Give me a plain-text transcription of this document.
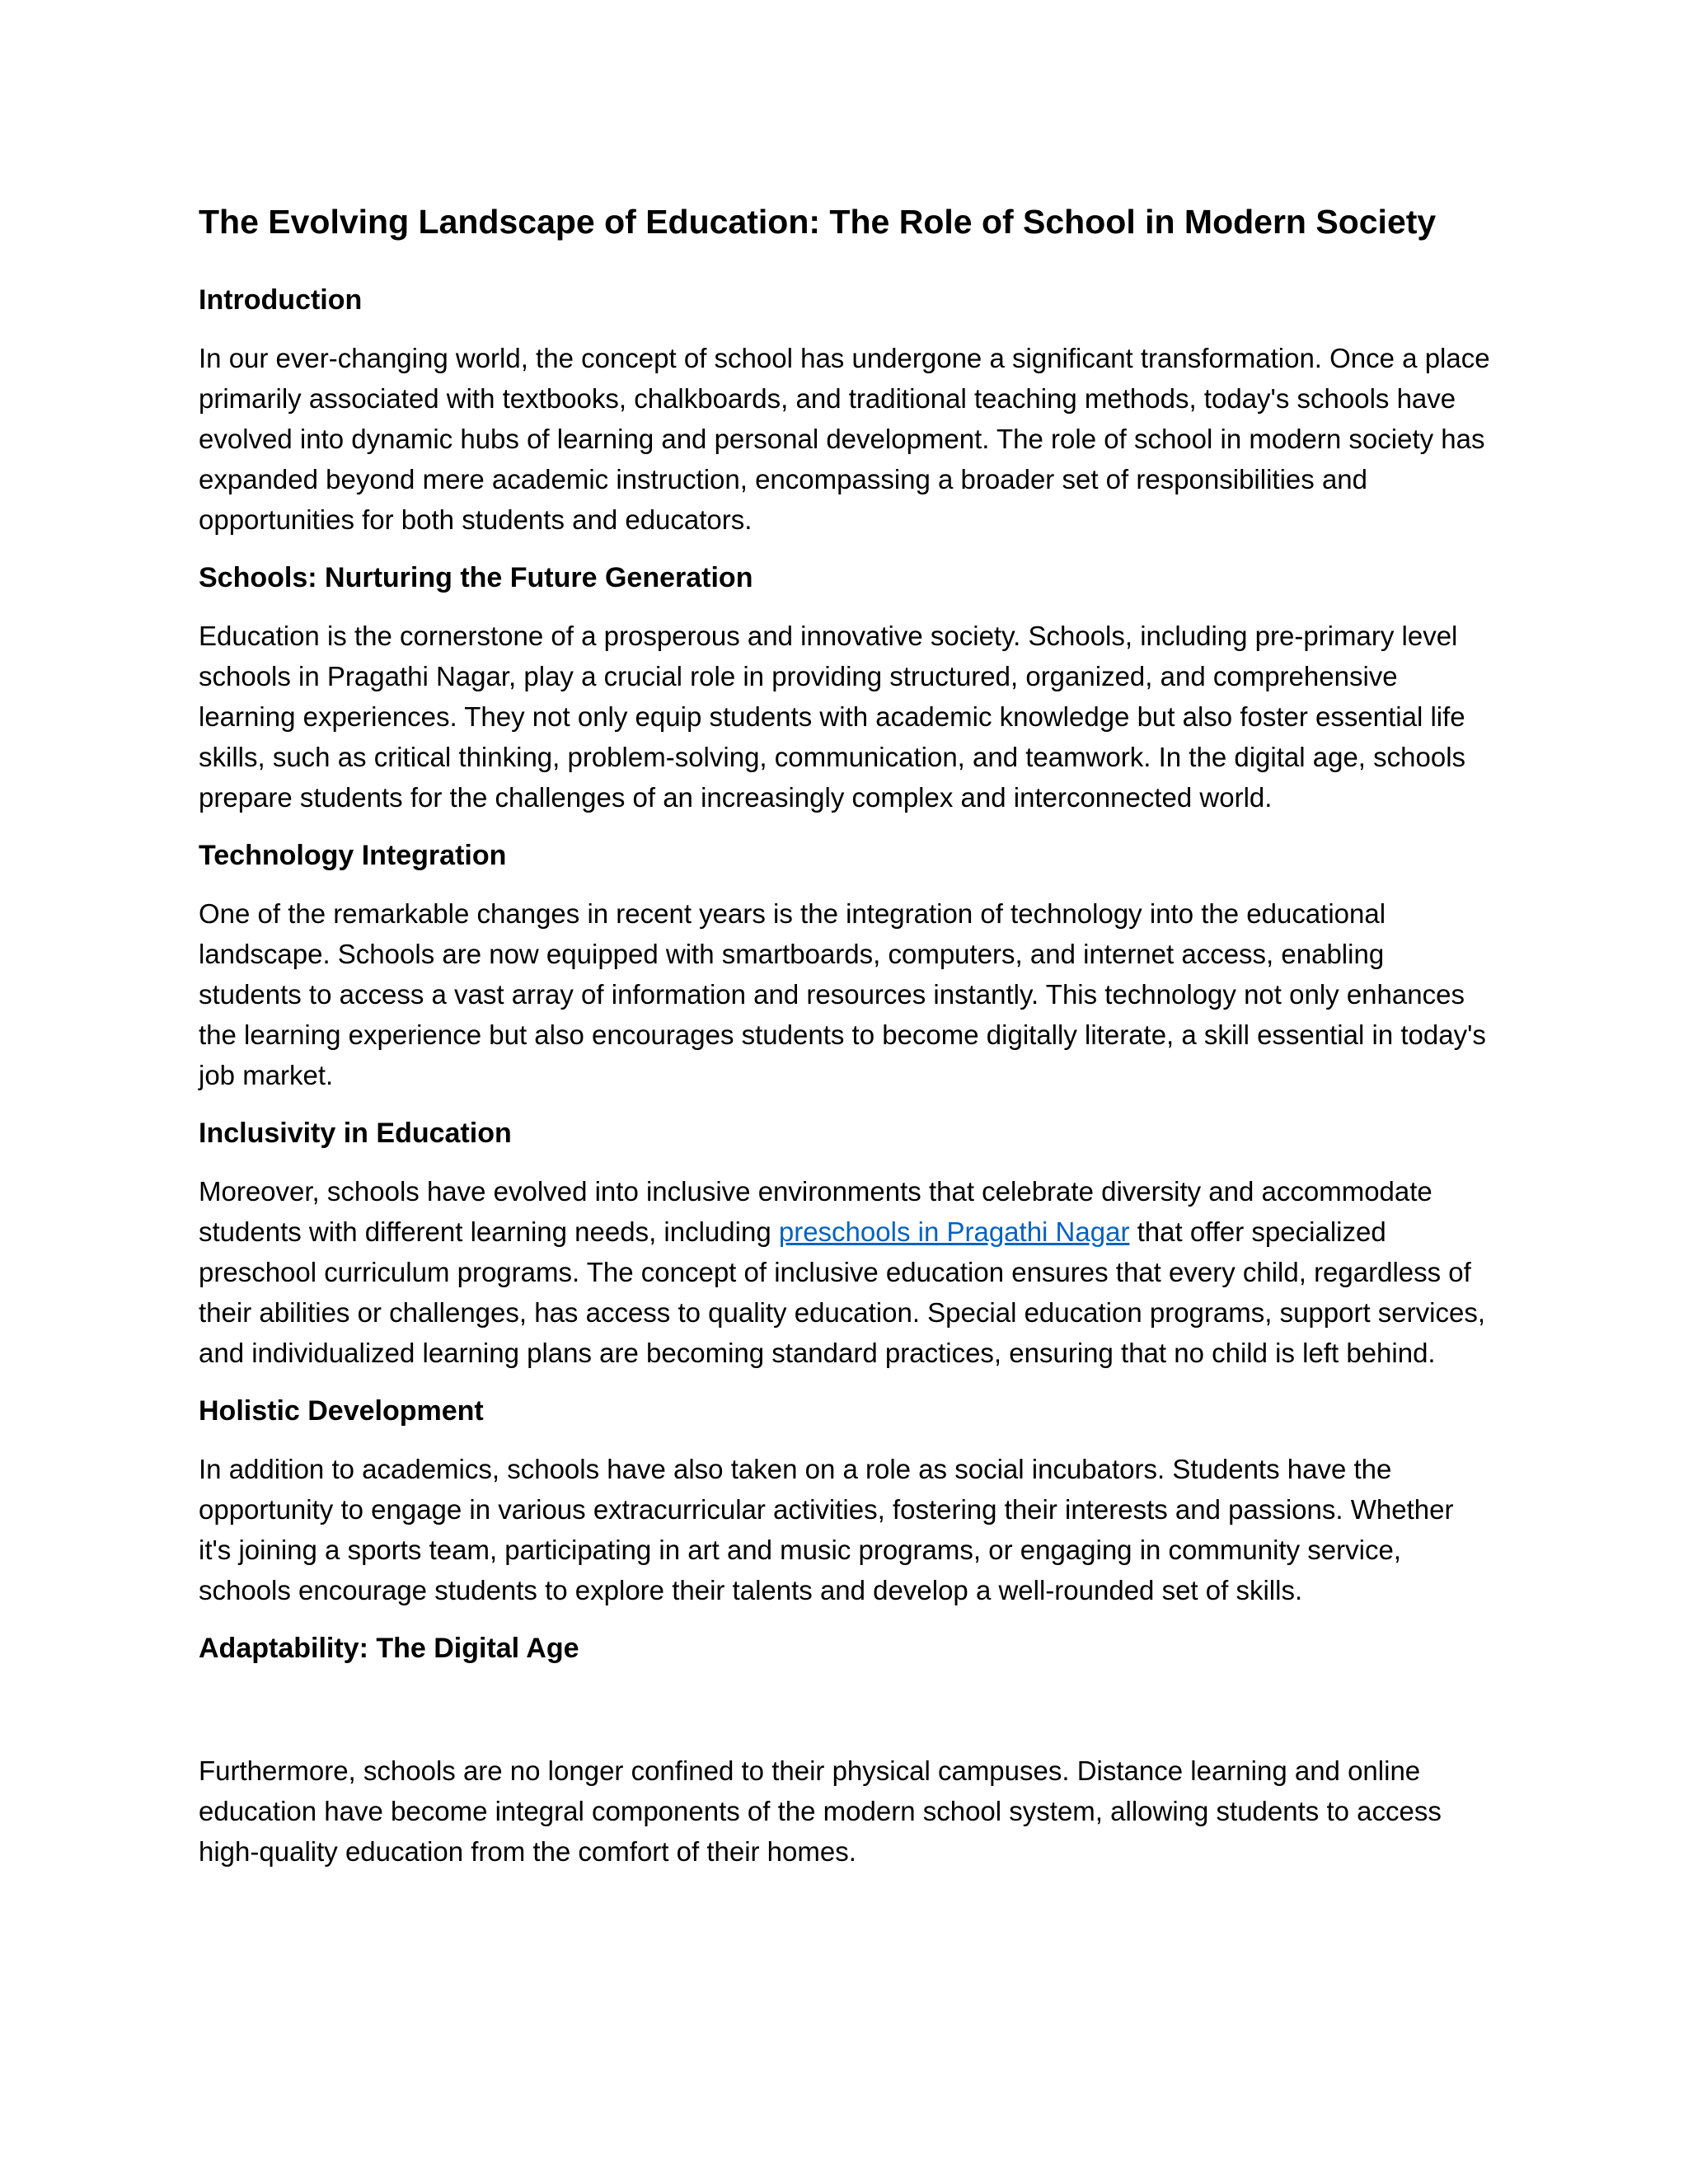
The Evolving Landscape of Education: The Role of School in Modern Society
Introduction

In our ever-changing world, the concept of school has undergone a significant transformation. Once a place primarily associated with textbooks, chalkboards, and traditional teaching methods, today's schools have evolved into dynamic hubs of learning and personal development. The role of school in modern society has expanded beyond mere academic instruction, encompassing a broader set of responsibilities and opportunities for both students and educators.

Schools: Nurturing the Future Generation

Education is the cornerstone of a prosperous and innovative society. Schools, including pre-primary level schools in Pragathi Nagar, play a crucial role in providing structured, organized, and comprehensive learning experiences. They not only equip students with academic knowledge but also foster essential life skills, such as critical thinking, problem-solving, communication, and teamwork. In the digital age, schools prepare students for the challenges of an increasingly complex and interconnected world.

Technology Integration

One of the remarkable changes in recent years is the integration of technology into the educational landscape. Schools are now equipped with smartboards, computers, and internet access, enabling students to access a vast array of information and resources instantly. This technology not only enhances the learning experience but also encourages students to become digitally literate, a skill essential in today's job market.

Inclusivity in Education

Moreover, schools have evolved into inclusive environments that celebrate diversity and accommodate students with different learning needs, including preschools in Pragathi Nagar that offer specialized preschool curriculum programs. The concept of inclusive education ensures that every child, regardless of their abilities or challenges, has access to quality education. Special education programs, support services, and individualized learning plans are becoming standard practices, ensuring that no child is left behind.

Holistic Development

In addition to academics, schools have also taken on a role as social incubators. Students have the opportunity to engage in various extracurricular activities, fostering their interests and passions. Whether it's joining a sports team, participating in art and music programs, or engaging in community service, schools encourage students to explore their talents and develop a well-rounded set of skills.

Adaptability: The Digital Age

Furthermore, schools are no longer confined to their physical campuses. Distance learning and online education have become integral components of the modern school system, allowing students to access high-quality education from the comfort of their homes.
